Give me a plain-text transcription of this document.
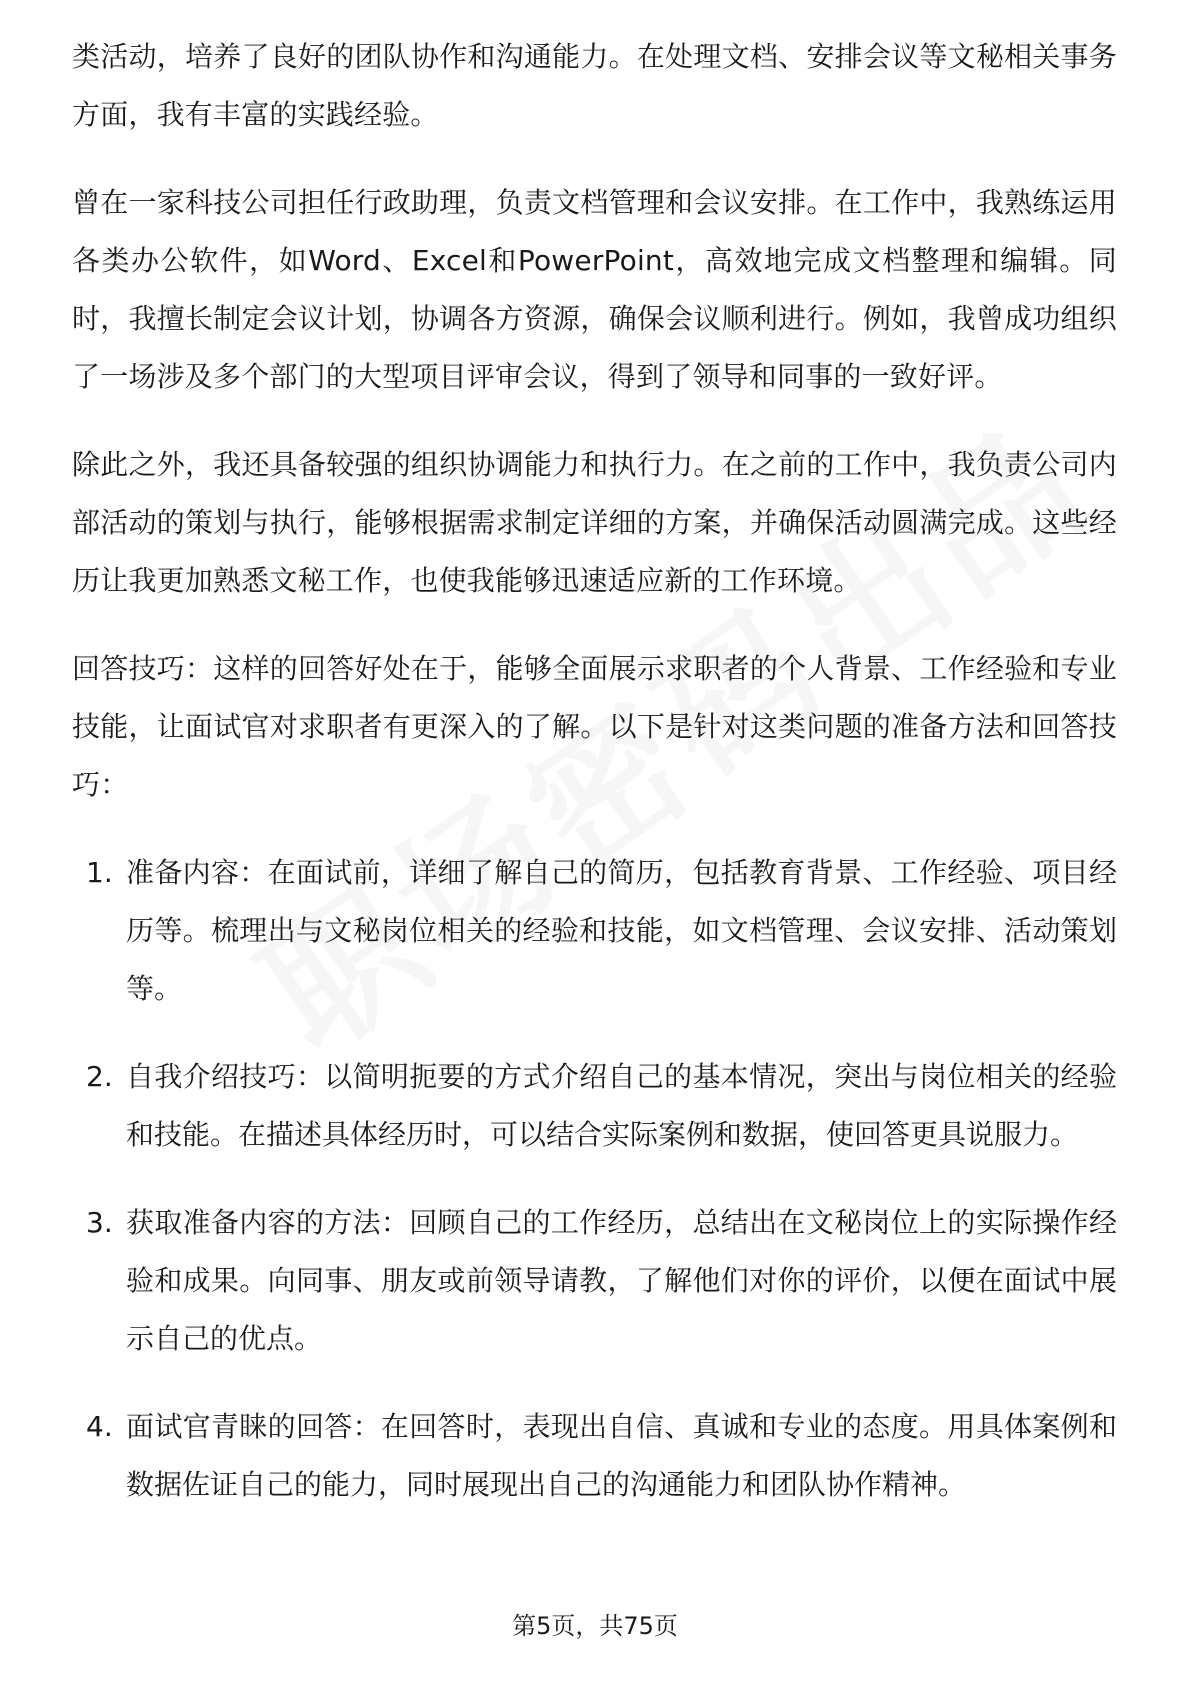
类活动，培养了良好的团队协作和沟通能力。在处理文档、安排会议等文秘相关事务方面，我有丰富的实践经验。

曾在一家科技公司担任行政助理，负责文档管理和会议安排。在工作中，我熟练运用各类办公软件，如Word、Excel和PowerPoint，高效地完成文档整理和编辑。同时，我擅长制定会议计划，协调各方资源，确保会议顺利进行。例如，我曾成功组织了一场涉及多个部门的大型项目评审会议，得到了领导和同事的一致好评。

除此之外，我还具备较强的组织协调能力和执行力。在之前的工作中，我负责公司内部活动的策划与执行，能够根据需求制定详细的方案，并确保活动圆满完成。这些经历让我更加熟悉文秘工作，也使我能够迅速适应新的工作环境。

回答技巧：这样的回答好处在于，能够全面展示求职者的个人背景、工作经验和专业技能，让面试官对求职者有更深入的了解。以下是针对这类问题的准备方法和回答技巧：

1. 准备内容：在面试前，详细了解自己的简历，包括教育背景、工作经验、项目经历等。梳理出与文秘岗位相关的经验和技能，如文档管理、会议安排、活动策划等。
2. 自我介绍技巧：以简明扼要的方式介绍自己的基本情况，突出与岗位相关的经验和技能。在描述具体经历时，可以结合实际案例和数据，使回答更具说服力。
3. 获取准备内容的方法：回顾自己的工作经历，总结出在文秘岗位上的实际操作经验和成果。向同事、朋友或前领导请教，了解他们对你的评价，以便在面试中展示自己的优点。
4. 面试官青睐的回答：在回答时，表现出自信、真诚和专业的态度。用具体案例和数据佐证自己的能力，同时展现出自己的沟通能力和团队协作精神。
第5页，共75页
